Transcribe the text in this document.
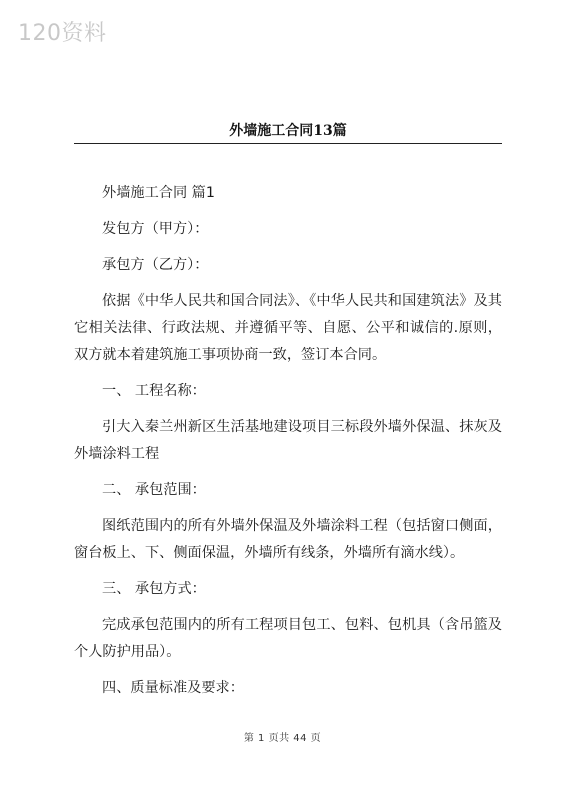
120资料
外墙施工合同13篇

外墙施工合同 篇1

发包方（甲方）：

承包方（乙方）：

依据《中华人民共和国合同法》、《中华人民共和国建筑法》及其它相关法律、行政法规、并遵循平等、自愿、公平和诚信的.原则，双方就本着建筑施工事项协商一致，签订本合同。

一、 工程名称：

引大入秦兰州新区生活基地建设项目三标段外墙外保温、抹灰及外墙涂料工程

二、 承包范围：

图纸范围内的所有外墙外保温及外墙涂料工程（包括窗口侧面，窗台板上、下、侧面保温，外墙所有线条，外墙所有滴水线）。

三、 承包方式：

完成承包范围内的所有工程项目包工、包料、包机具（含吊篮及个人防护用品）。

四、质量标准及要求：

第 1 页共 44 页
